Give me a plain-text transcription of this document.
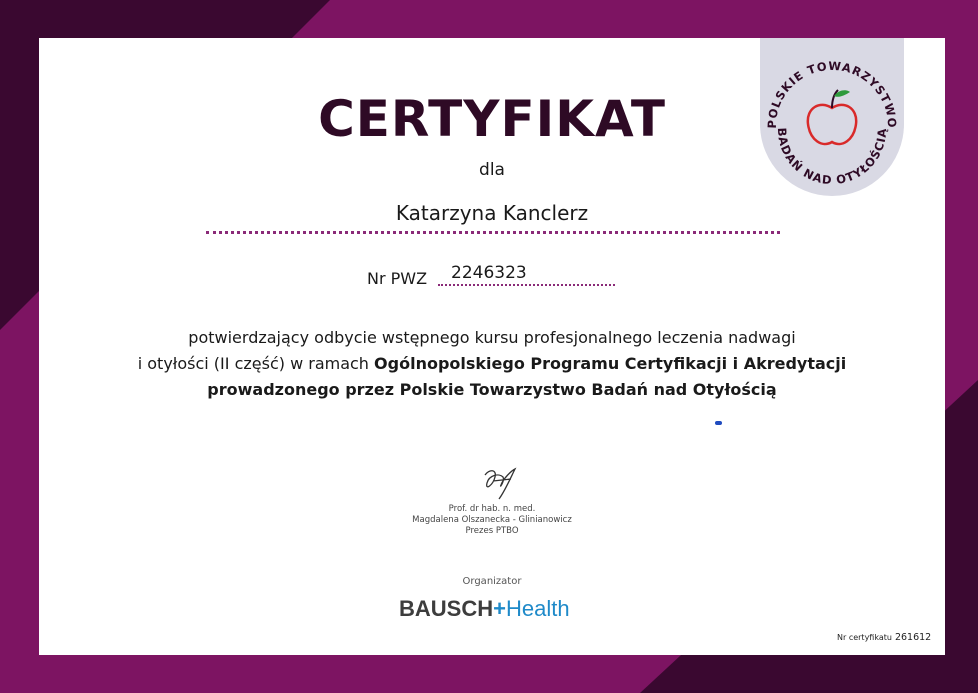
POLSKIE TOWARZYSTWO
BADAŃ NAD OTYŁOŚCIĄ
CERTYFIKAT
dla
Katarzyna Kanclerz
Nr PWZ 2246323
potwierdzający odbycie wstępnego kursu profesjonalnego leczenia nadwagi
i otyłości (II część) w ramach Ogólnopolskiego Programu Certyfikacji i Akredytacji
prowadzonego przez Polskie Towarzystwo Badań nad Otyłością
Prof. dr hab. n. med.
Magdalena Olszanecka - Glinianowicz
Prezes PTBO
Organizator
BAUSCH+Health
Nr certyfikatu 261612
